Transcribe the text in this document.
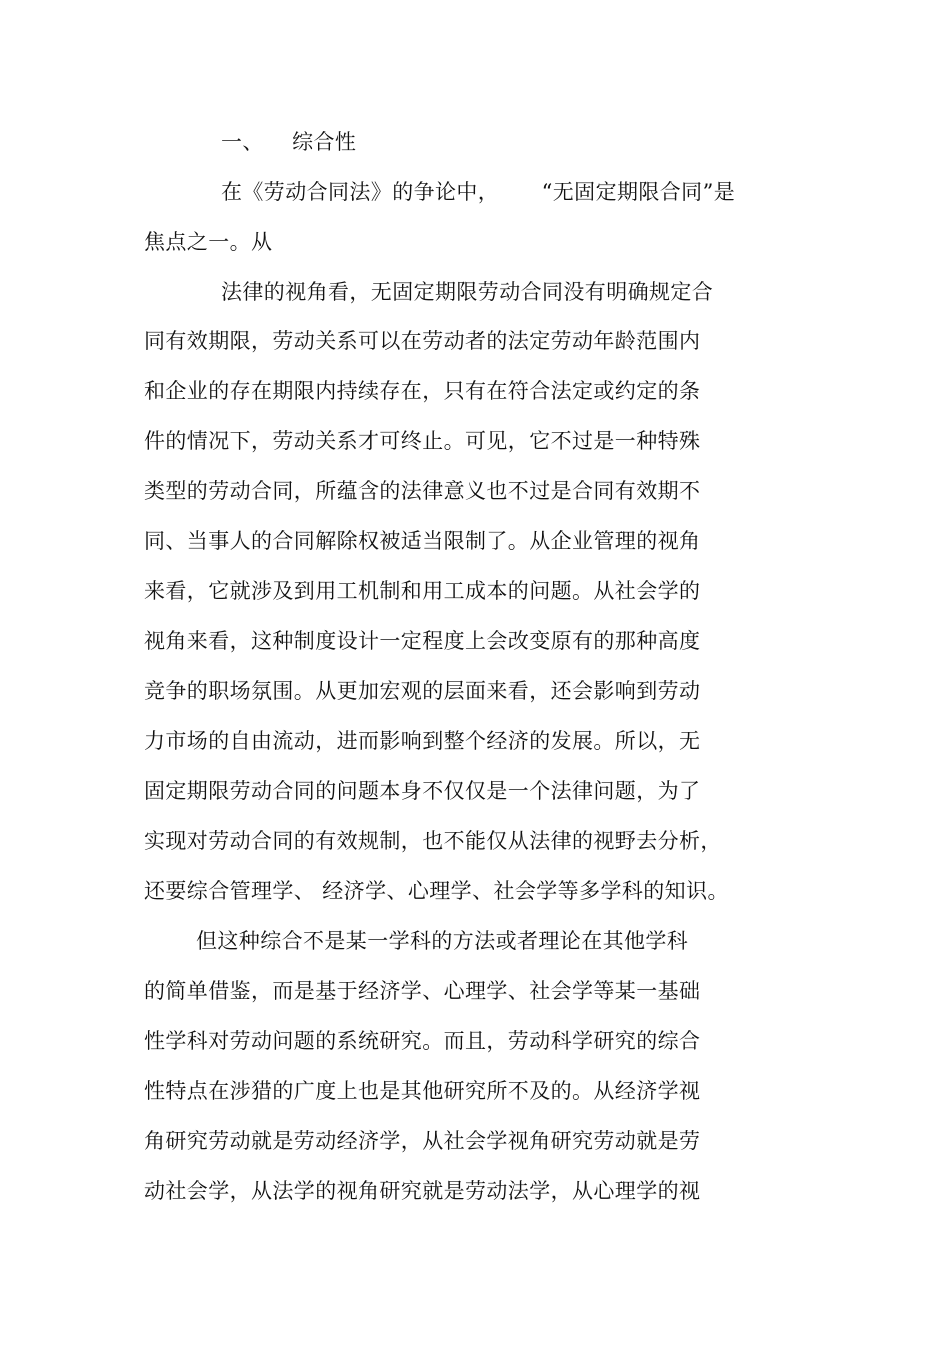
一、    综合性
在《劳动合同法》的争论中，      “无固定期限合同”是
焦点之一。从
法律的视角看，无固定期限劳动合同没有明确规定合
同有效期限，劳动关系可以在劳动者的法定劳动年龄范围内
和企业的存在期限内持续存在，只有在符合法定或约定的条
件的情况下，劳动关系才可终止。可见，它不过是一种特殊
类型的劳动合同，所蕴含的法律意义也不过是合同有效期不
同、当事人的合同解除权被适当限制了。从企业管理的视角
来看，它就涉及到用工机制和用工成本的问题。从社会学的
视角来看，这种制度设计一定程度上会改变原有的那种高度
竞争的职场氛围。从更加宏观的层面来看，还会影响到劳动
力市场的自由流动，进而影响到整个经济的发展。所以，无
固定期限劳动合同的问题本身不仅仅是一个法律问题，为了
实现对劳动合同的有效规制，也不能仅从法律的视野去分析，
还要综合管理学、 经济学、心理学、社会学等多学科的知识。
但这种综合不是某一学科的方法或者理论在其他学科
的简单借鉴，而是基于经济学、心理学、社会学等某一基础
性学科对劳动问题的系统研究。而且，劳动科学研究的综合
性特点在涉猎的广度上也是其他研究所不及的。从经济学视
角研究劳动就是劳动经济学，从社会学视角研究劳动就是劳
动社会学，从法学的视角研究就是劳动法学，从心理学的视
